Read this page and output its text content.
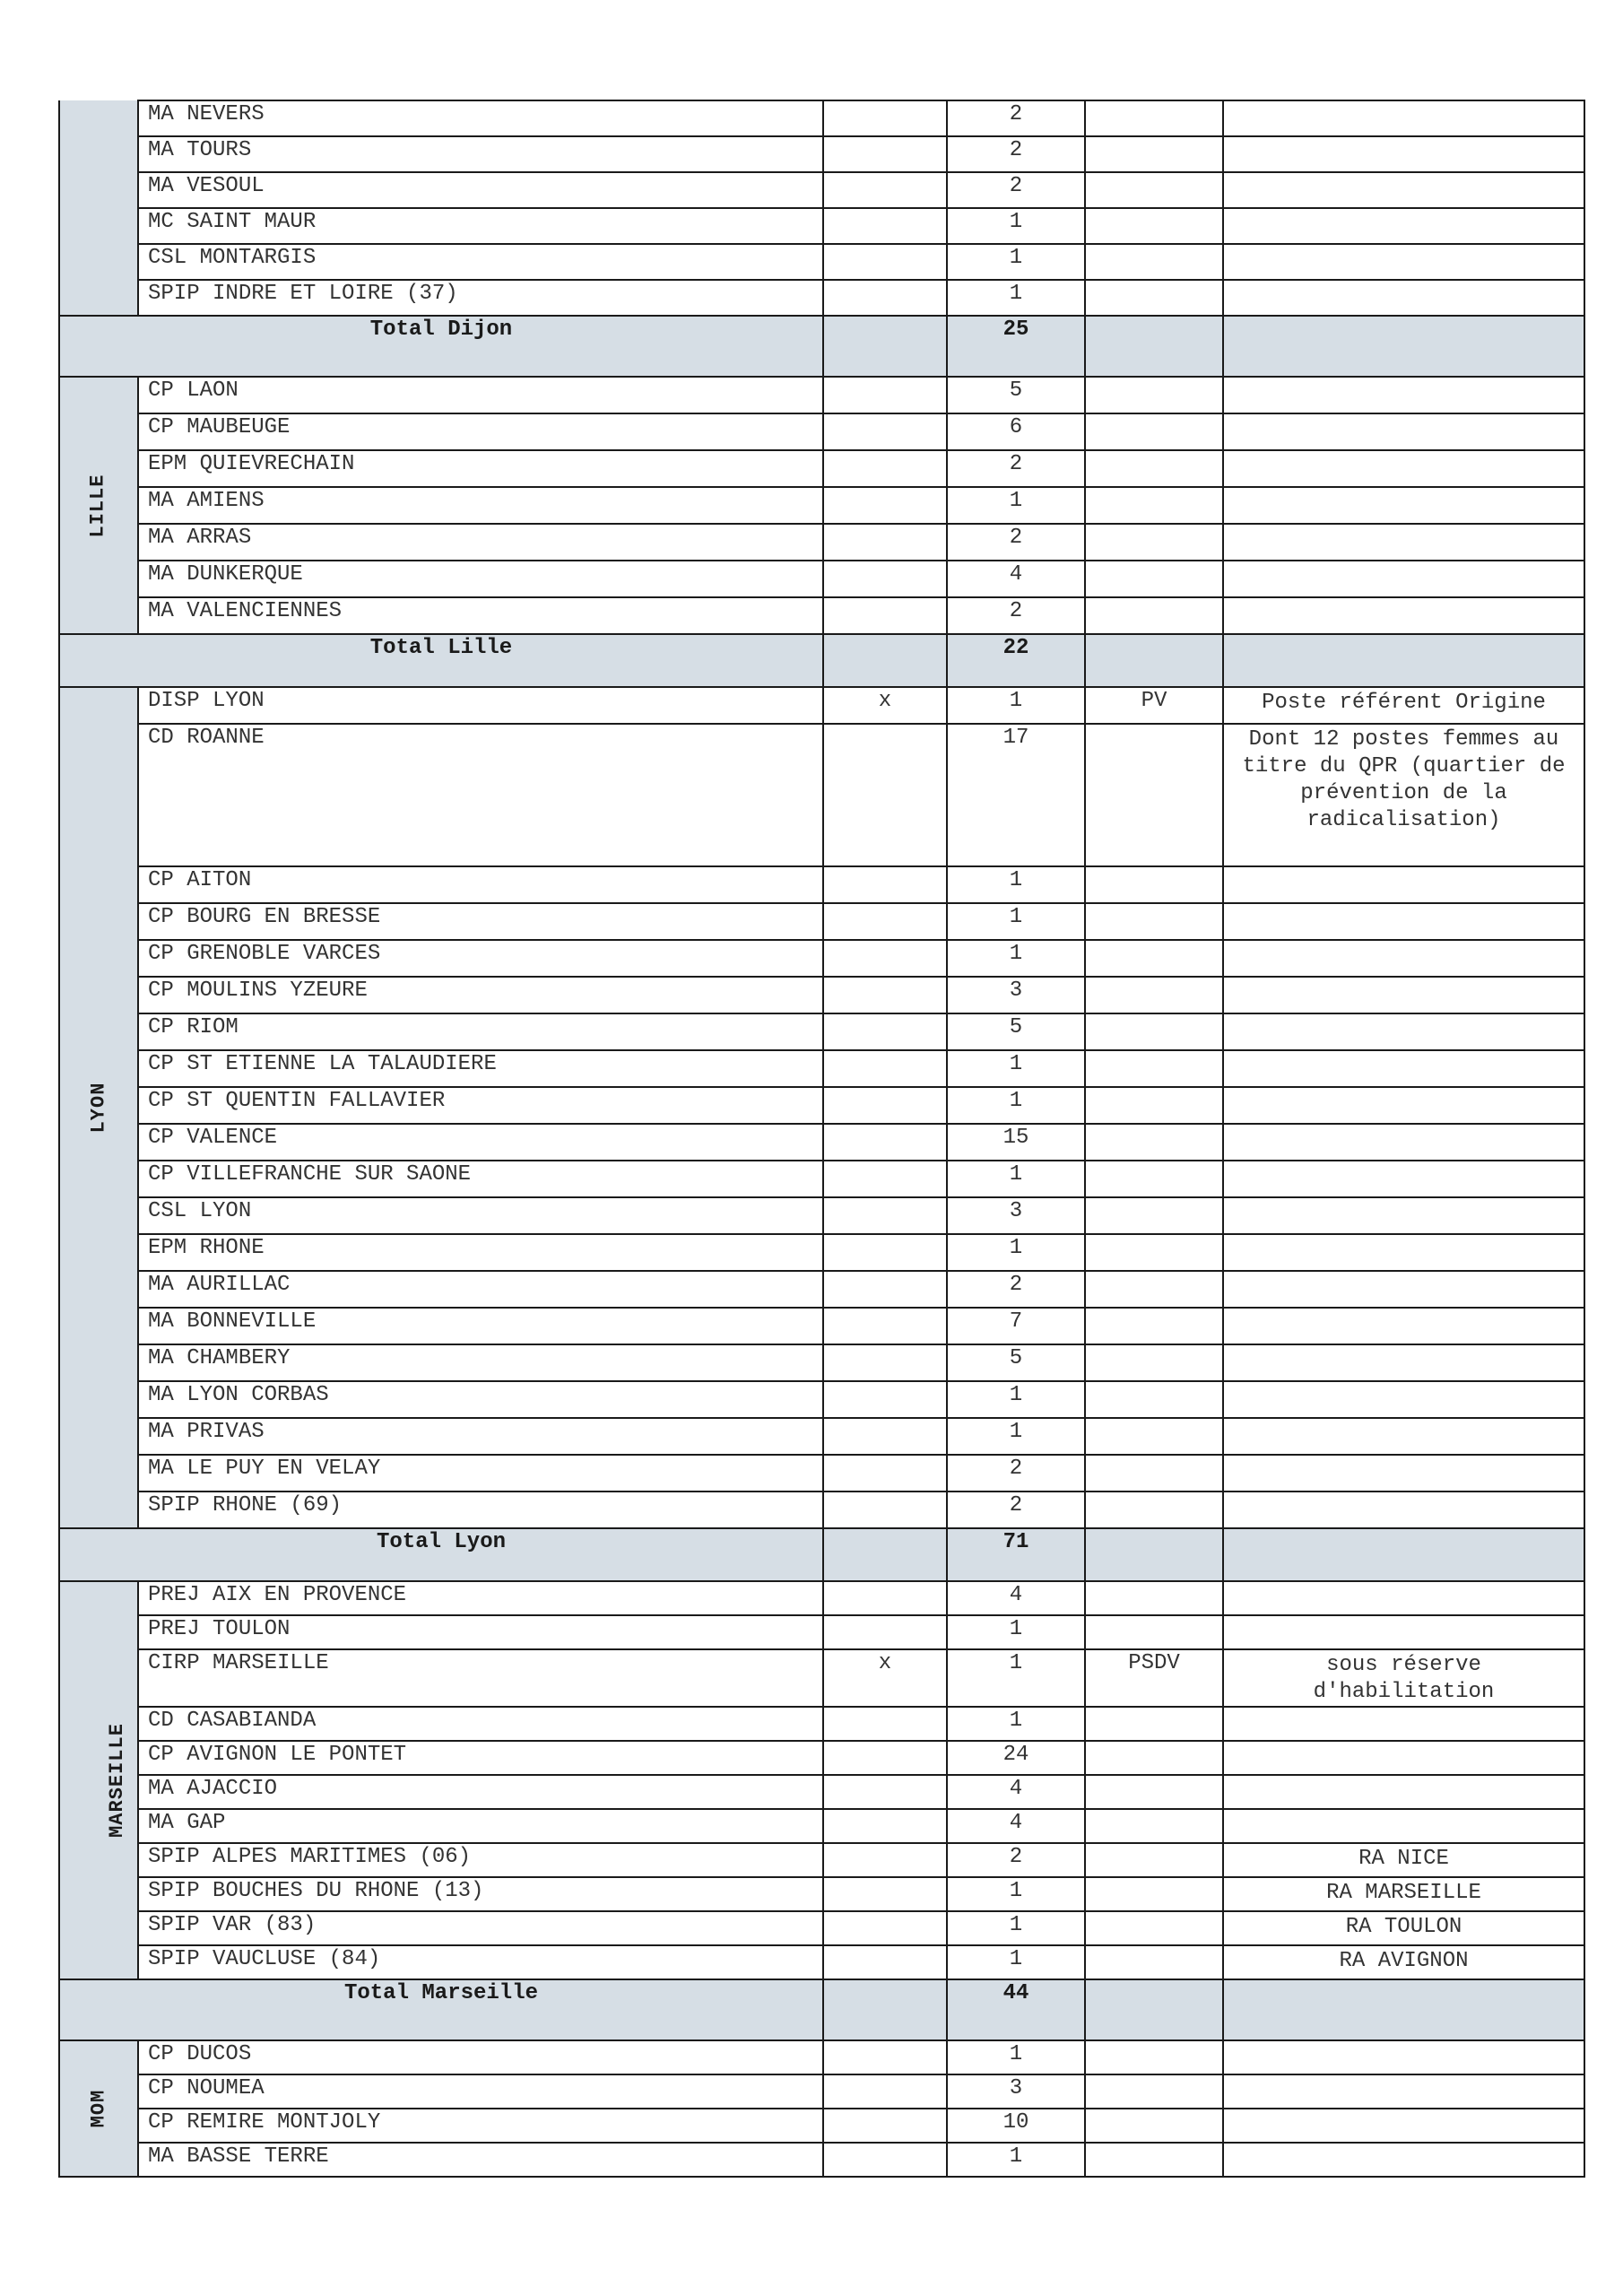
	MA NEVERS		2		
	MA TOURS		2		
	MA VESOUL		2		
	MC SAINT MAUR		1		
	CSL MONTARGIS		1		
	SPIP INDRE ET LOIRE (37)		1		
Total Dijon			25		
LILLE	CP LAON		5		
	CP MAUBEUGE		6		
	EPM QUIEVRECHAIN		2		
	MA AMIENS		1		
	MA ARRAS		2		
	MA DUNKERQUE		4		
	MA VALENCIENNES		2		
Total Lille			22		
LYON	DISP LYON	x	1	PV	Poste référent Origine
	CD ROANNE		17		Dont 12 postes femmes au titre du QPR (quartier de prévention de la radicalisation)
	CP AITON		1		
	CP BOURG EN BRESSE		1		
	CP GRENOBLE VARCES		1		
	CP MOULINS YZEURE		3		
	CP RIOM		5		
	CP ST ETIENNE LA TALAUDIERE		1		
	CP ST QUENTIN FALLAVIER		1		
	CP VALENCE		15		
	CP VILLEFRANCHE SUR SAONE		1		
	CSL LYON		3		
	EPM RHONE		1		
	MA AURILLAC		2		
	MA BONNEVILLE		7		
	MA CHAMBERY		5		
	MA LYON CORBAS		1		
	MA PRIVAS		1		
	MA LE PUY EN VELAY		2		
	SPIP RHONE (69)		2		
Total Lyon			71		
MARSEILLE	PREJ AIX EN PROVENCE		4		
	PREJ TOULON		1		
	CIRP MARSEILLE	x	1	PSDV	sous réserve d'habilitation
	CD CASABIANDA		1		
	CP AVIGNON LE PONTET		24		
	MA AJACCIO		4		
	MA GAP		4		
	SPIP ALPES MARITIMES (06)		2		RA NICE
	SPIP BOUCHES DU RHONE (13)		1		RA MARSEILLE
	SPIP VAR (83)		1		RA TOULON
	SPIP VAUCLUSE (84)		1		RA AVIGNON
Total Marseille			44		
MOM	CP DUCOS		1		
	CP NOUMEA		3		
	CP REMIRE MONTJOLY		10		
	MA BASSE TERRE		1		
